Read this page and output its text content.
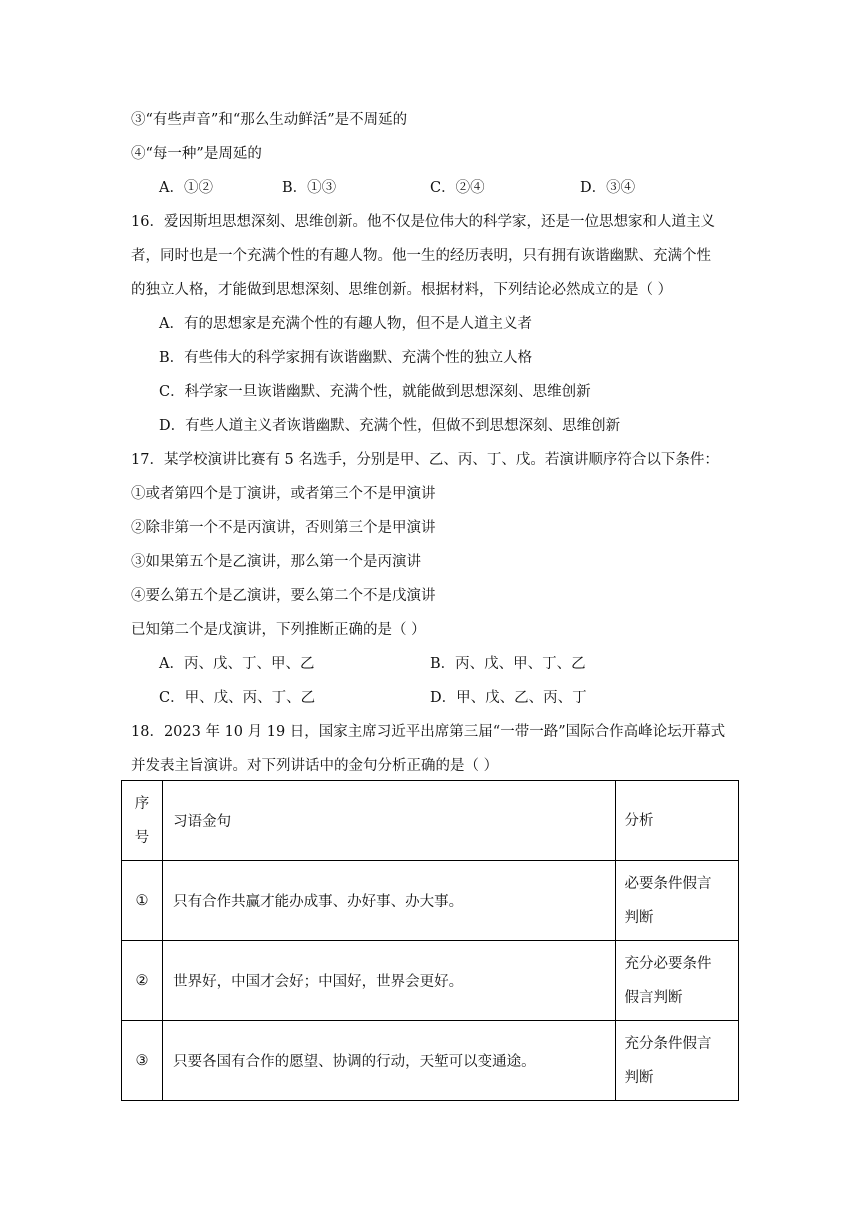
③“有些声音”和“那么生动鲜活”是不周延的
④“每一种”是周延的
A．①②	B．①③	C．②④	D．③④
16．爱因斯坦思想深刻、思维创新。他不仅是位伟大的科学家，还是一位思想家和人道主义
者，同时也是一个充满个性的有趣人物。他一生的经历表明，只有拥有诙谐幽默、充满个性
的独立人格，才能做到思想深刻、思维创新。根据材料，下列结论必然成立的是（ ）
A．有的思想家是充满个性的有趣人物，但不是人道主义者
B．有些伟大的科学家拥有诙谐幽默、充满个性的独立人格
C．科学家一旦诙谐幽默、充满个性，就能做到思想深刻、思维创新
D．有些人道主义者诙谐幽默、充满个性，但做不到思想深刻、思维创新
17．某学校演讲比赛有 5 名选手，分别是甲、乙、丙、丁、戊。若演讲顺序符合以下条件：
①或者第四个是丁演讲，或者第三个不是甲演讲
②除非第一个不是丙演讲，否则第三个是甲演讲
③如果第五个是乙演讲，那么第一个是丙演讲
④要么第五个是乙演讲，要么第二个不是戊演讲
已知第二个是戊演讲，下列推断正确的是（ ）
A．丙、戊、丁、甲、乙	B．丙、戊、甲、丁、乙
C．甲、戊、丙、丁、乙	D．甲、戊、乙、丙、丁
18．2023 年 10 月 19 日，国家主席习近平出席第三届“一带一路”国际合作高峰论坛开幕式
并发表主旨演讲。对下列讲话中的金句分析正确的是（ ）
序
号	习语金句	分析
①	只有合作共赢才能办成事、办好事、办大事。	必要条件假言
判断

②	世界好，中国才会好；中国好，世界会更好。	充分必要条件
假言判断

③	只要各国有合作的愿望、协调的行动，天堑可以变通途。	充分条件假言
判断
